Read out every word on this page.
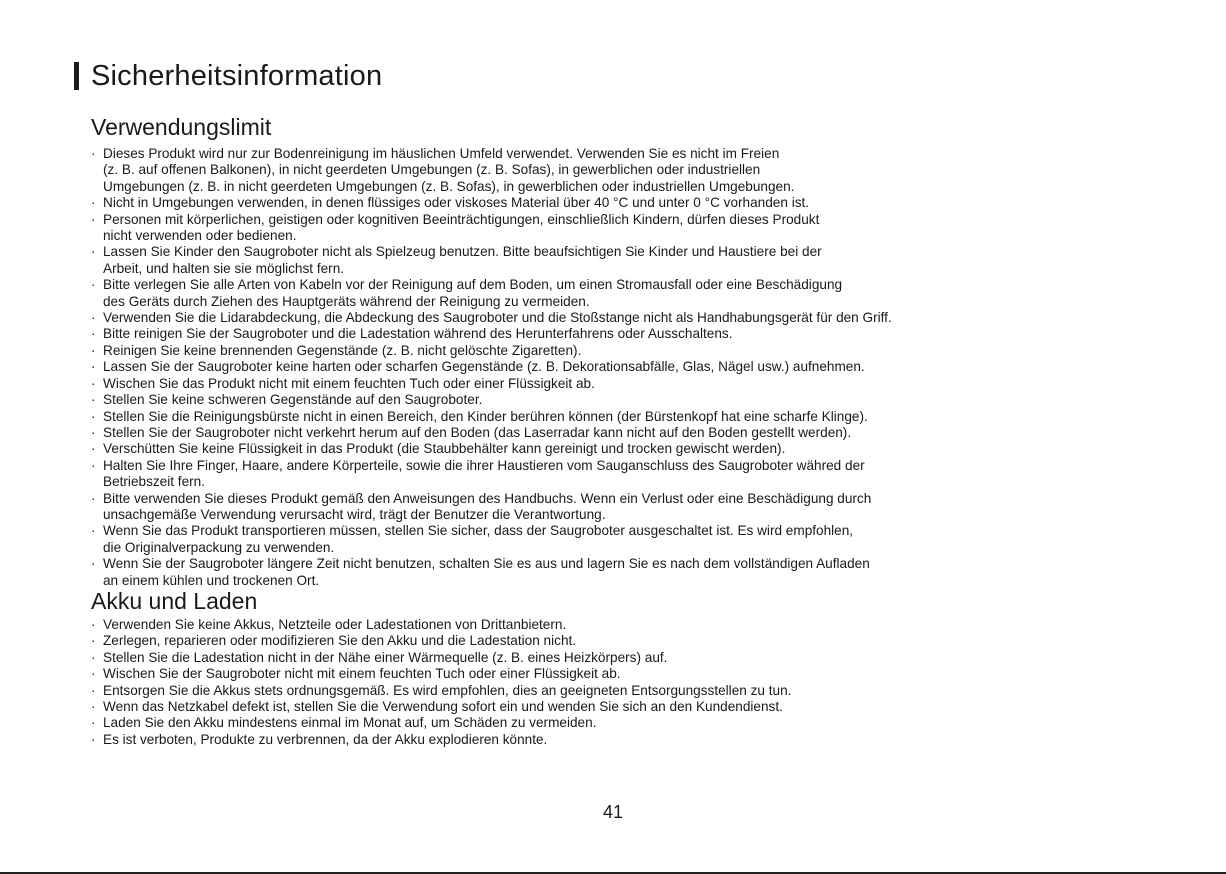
Sicherheitsinformation
Verwendungslimit
· Dieses Produkt wird nur zur Bodenreinigung im häuslichen Umfeld verwendet. Verwenden Sie es nicht im Freien
(z. B. auf offenen Balkonen), in nicht geerdeten Umgebungen (z. B. Sofas), in gewerblichen oder industriellen
Umgebungen (z. B. in nicht geerdeten Umgebungen (z. B. Sofas), in gewerblichen oder industriellen Umgebungen.
· Nicht in Umgebungen verwenden, in denen flüssiges oder viskoses Material über 40 °C und unter 0 °C vorhanden ist.
· Personen mit körperlichen, geistigen oder kognitiven Beeinträchtigungen, einschließlich Kindern, dürfen dieses Produkt
nicht verwenden oder bedienen.
· Lassen Sie Kinder den Saugroboter nicht als Spielzeug benutzen. Bitte beaufsichtigen Sie Kinder und Haustiere bei der
Arbeit, und halten sie sie möglichst fern.
· Bitte verlegen Sie alle Arten von Kabeln vor der Reinigung auf dem Boden, um einen Stromausfall oder eine Beschädigung
des Geräts durch Ziehen des Hauptgeräts während der Reinigung zu vermeiden.
· Verwenden Sie die Lidarabdeckung, die Abdeckung des Saugroboter und die Stoßstange nicht als Handhabungsgerät für den Griff.
· Bitte reinigen Sie der Saugroboter und die Ladestation während des Herunterfahrens oder Ausschaltens.
· Reinigen Sie keine brennenden Gegenstände (z. B. nicht gelöschte Zigaretten).
· Lassen Sie der Saugroboter keine harten oder scharfen Gegenstände (z. B. Dekorationsabfälle, Glas, Nägel usw.) aufnehmen.
· Wischen Sie das Produkt nicht mit einem feuchten Tuch oder einer Flüssigkeit ab.
· Stellen Sie keine schweren Gegenstände auf den Saugroboter.
· Stellen Sie die Reinigungsbürste nicht in einen Bereich, den Kinder berühren können (der Bürstenkopf hat eine scharfe Klinge).
· Stellen Sie der Saugroboter nicht verkehrt herum auf den Boden (das Laserradar kann nicht auf den Boden gestellt werden).
· Verschütten Sie keine Flüssigkeit in das Produkt (die Staubbehälter kann gereinigt und trocken gewischt werden).
· Halten Sie Ihre Finger, Haare, andere Körperteile, sowie die ihrer Haustieren vom Sauganschluss des Saugroboter währed der
Betriebszeit fern.
· Bitte verwenden Sie dieses Produkt gemäß den Anweisungen des Handbuchs. Wenn ein Verlust oder eine Beschädigung durch
unsachgemäße Verwendung verursacht wird, trägt der Benutzer die Verantwortung.
· Wenn Sie das Produkt transportieren müssen, stellen Sie sicher, dass der Saugroboter ausgeschaltet ist. Es wird empfohlen,
die Originalverpackung zu verwenden.
· Wenn Sie der Saugroboter längere Zeit nicht benutzen, schalten Sie es aus und lagern Sie es nach dem vollständigen Aufladen
an einem kühlen und trockenen Ort.
Akku und Laden
· Verwenden Sie keine Akkus, Netzteile oder Ladestationen von Drittanbietern.
· Zerlegen, reparieren oder modifizieren Sie den Akku und die Ladestation nicht.
· Stellen Sie die Ladestation nicht in der Nähe einer Wärmequelle (z. B. eines Heizkörpers) auf.
· Wischen Sie der Saugroboter nicht mit einem feuchten Tuch oder einer Flüssigkeit ab.
· Entsorgen Sie die Akkus stets ordnungsgemäß. Es wird empfohlen, dies an geeigneten Entsorgungsstellen zu tun.
· Wenn das Netzkabel defekt ist, stellen Sie die Verwendung sofort ein und wenden Sie sich an den Kundendienst.
· Laden Sie den Akku mindestens einmal im Monat auf, um Schäden zu vermeiden.
· Es ist verboten, Produkte zu verbrennen, da der Akku explodieren könnte.
41
